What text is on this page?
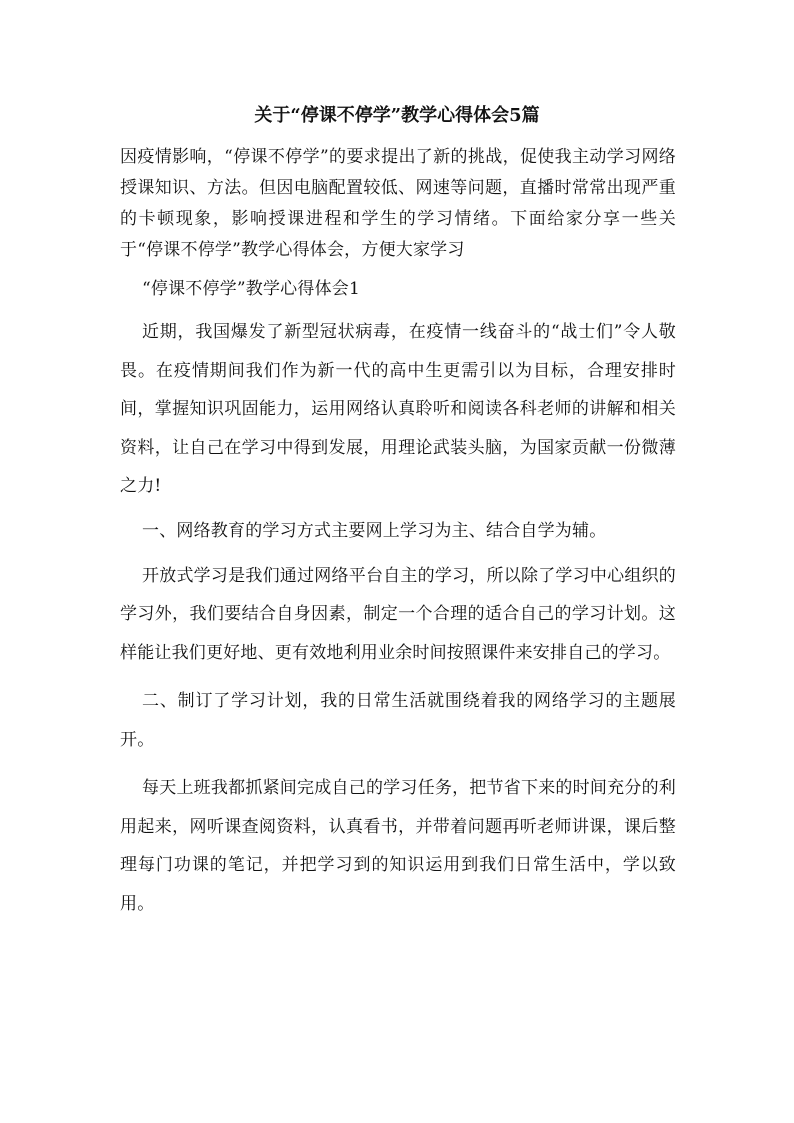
关于“停课不停学”教学心得体会5篇

因疫情影响，“停课不停学”的要求提出了新的挑战，促使我主动学习网络授课知识、方法。但因电脑配置较低、网速等问题，直播时常常出现严重的卡顿现象，影响授课进程和学生的学习情绪。下面给家分享一些关于“停课不停学”教学心得体会，方便大家学习

“停课不停学”教学心得体会1

近期，我国爆发了新型冠状病毒，在疫情一线奋斗的“战士们”令人敬畏。在疫情期间我们作为新一代的高中生更需引以为目标，合理安排时间，掌握知识巩固能力，运用网络认真聆听和阅读各科老师的讲解和相关资料，让自己在学习中得到发展，用理论武装头脑，为国家贡献一份微薄之力!

一、网络教育的学习方式主要网上学习为主、结合自学为辅。

开放式学习是我们通过网络平台自主的学习，所以除了学习中心组织的学习外，我们要结合自身因素，制定一个合理的适合自己的学习计划。这样能让我们更好地、更有效地利用业余时间按照课件来安排自己的学习。

二、制订了学习计划，我的日常生活就围绕着我的网络学习的主题展开。

每天上班我都抓紧间完成自己的学习任务，把节省下来的时间充分的利用起来，网听课查阅资料，认真看书，并带着问题再听老师讲课，课后整理每门功课的笔记，并把学习到的知识运用到我们日常生活中，学以致用。
